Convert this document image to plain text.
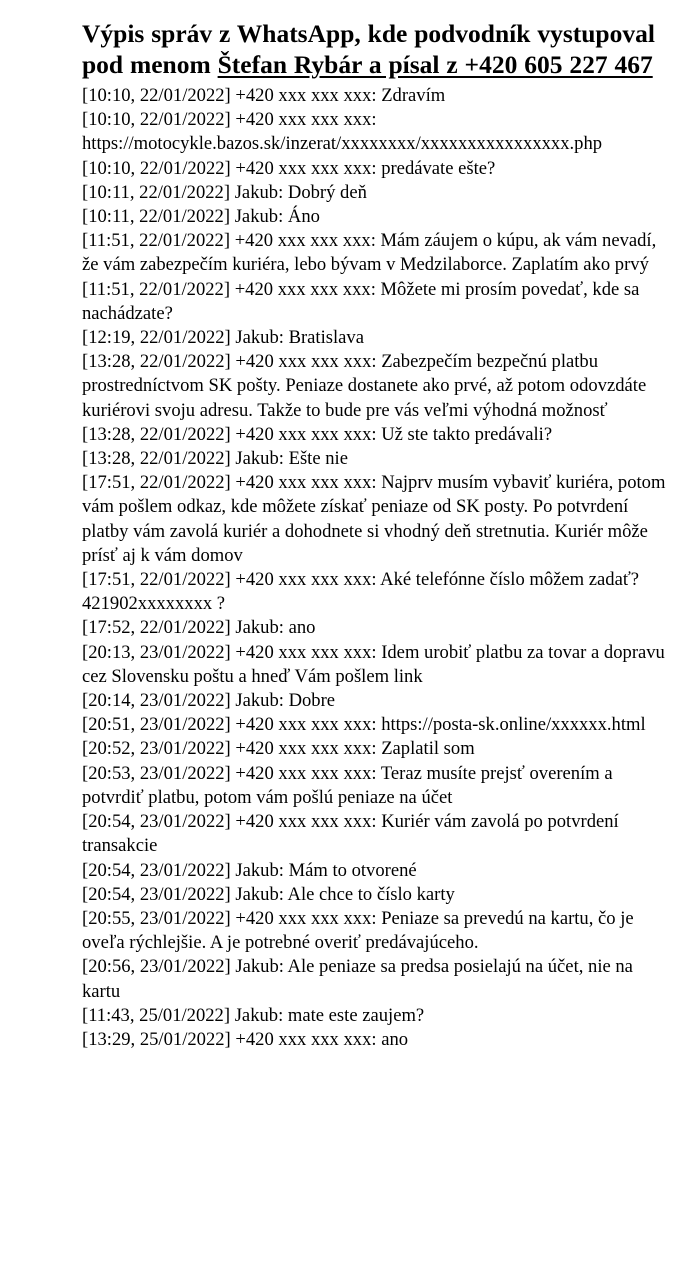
Výpis správ z WhatsApp, kde podvodník vystupoval pod menom Štefan Rybár a písal z +420 605 227 467

[10:10, 22/01/2022] +420 xxx xxx xxx: Zdravím

[10:10, 22/01/2022] +420 xxx xxx xxx: https://motocykle.bazos.sk/inzerat/xxxxxxxx/xxxxxxxxxxxxxxxx.php

[10:10, 22/01/2022] +420 xxx xxx xxx: predávate ešte?

[10:11, 22/01/2022] Jakub: Dobrý deň

[10:11, 22/01/2022] Jakub: Áno

[11:51, 22/01/2022] +420 xxx xxx xxx: Mám záujem o kúpu, ak vám nevadí, že vám zabezpečím kuriéra, lebo bývam v Medzilaborce. Zaplatím ako prvý

[11:51, 22/01/2022] +420 xxx xxx xxx: Môžete mi prosím povedať, kde sa nachádzate?

[12:19, 22/01/2022] Jakub: Bratislava

[13:28, 22/01/2022] +420 xxx xxx xxx: Zabezpečím bezpečnú platbu prostredníctvom SK pošty. Peniaze dostanete ako prvé, až potom odovzdáte kuriérovi svoju adresu. Takže to bude pre vás veľmi výhodná možnosť

[13:28, 22/01/2022] +420 xxx xxx xxx: Už ste takto predávali?

[13:28, 22/01/2022] Jakub: Ešte nie

[17:51, 22/01/2022] +420 xxx xxx xxx: Najprv musím vybaviť kuriéra, potom vám pošlem odkaz, kde môžete získať peniaze od SK posty. Po potvrdení platby vám zavolá kuriér a dohodnete si vhodný deň stretnutia. Kuriér môže prísť aj k vám domov

[17:51, 22/01/2022] +420 xxx xxx xxx: Aké telefónne číslo môžem zadať? 421902xxxxxxxx ?

[17:52, 22/01/2022] Jakub: ano

[20:13, 23/01/2022] +420 xxx xxx xxx: Idem urobiť platbu za tovar a dopravu cez Slovensku poštu a hneď Vám pošlem link

[20:14, 23/01/2022] Jakub: Dobre

[20:51, 23/01/2022] +420 xxx xxx xxx: https://posta-sk.online/xxxxxx.html

[20:52, 23/01/2022] +420 xxx xxx xxx: Zaplatil som

[20:53, 23/01/2022] +420 xxx xxx xxx: Teraz musíte prejsť overením a potvrdiť platbu, potom vám pošlú peniaze na účet

[20:54, 23/01/2022] +420 xxx xxx xxx: Kuriér vám zavolá po potvrdení transakcie

[20:54, 23/01/2022] Jakub: Mám to otvorené

[20:54, 23/01/2022] Jakub: Ale chce to číslo karty

[20:55, 23/01/2022] +420 xxx xxx xxx: Peniaze sa prevedú na kartu, čo je oveľa rýchlejšie. A je potrebné overiť predávajúceho.

[20:56, 23/01/2022] Jakub: Ale peniaze sa predsa posielajú na účet, nie na kartu

[11:43, 25/01/2022] Jakub: mate este zaujem?

[13:29, 25/01/2022] +420 xxx xxx xxx: ano
